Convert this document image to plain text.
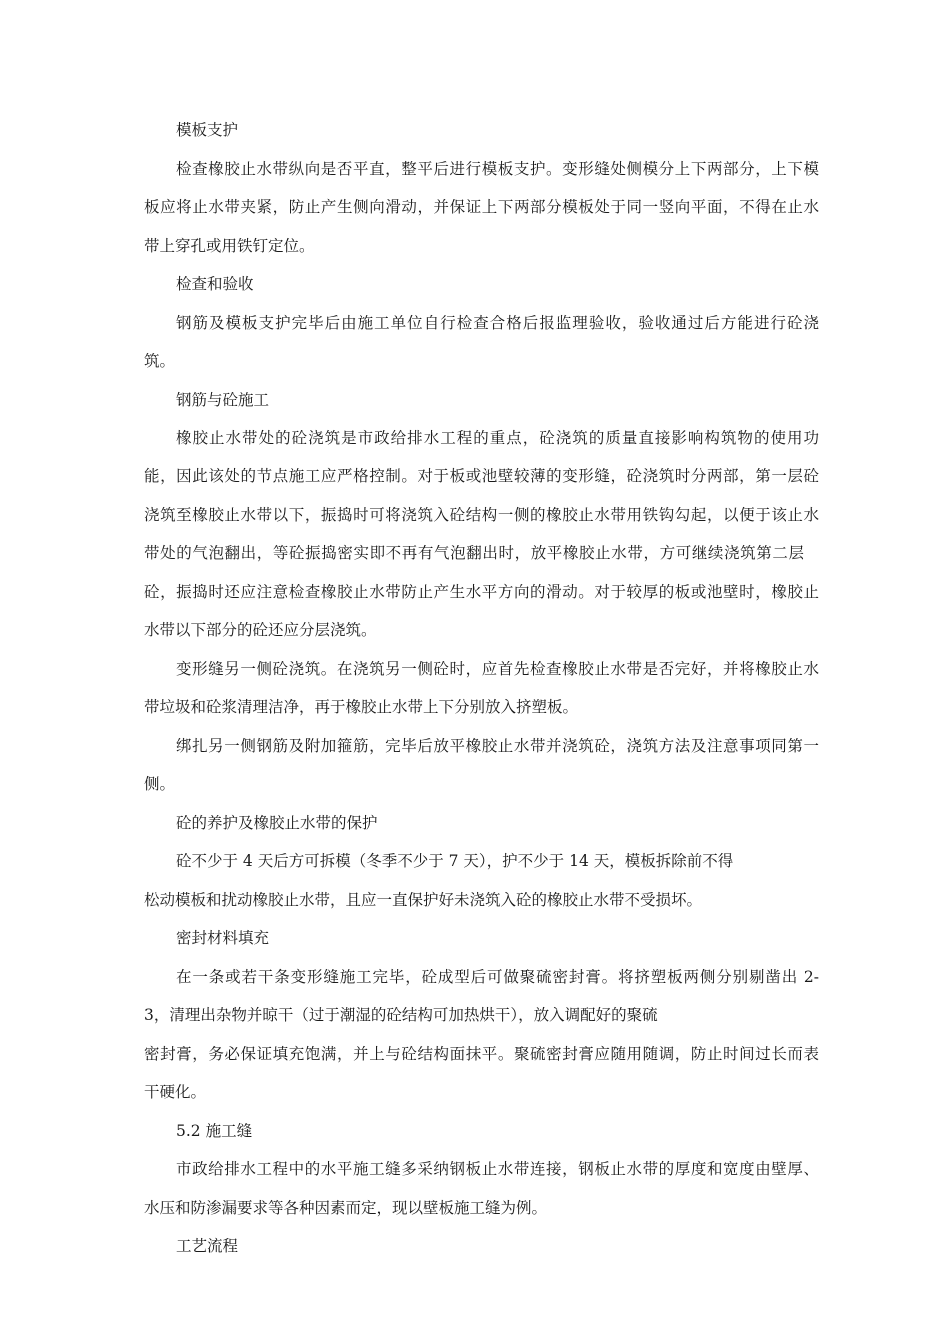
模板支护

检查橡胶止水带纵向是否平直，整平后进行模板支护。变形缝处侧模分上下两部分，上下模

板应将止水带夹紧，防止产生侧向滑动，并保证上下两部分模板处于同一竖向平面，不得在止水

带上穿孔或用铁钉定位。

检查和验收

钢筋及模板支护完毕后由施工单位自行检查合格后报监理验收，验收通过后方能进行砼浇

筑。

钢筋与砼施工

橡胶止水带处的砼浇筑是市政给排水工程的重点，砼浇筑的质量直接影响构筑物的使用功

能，因此该处的节点施工应严格控制。对于板或池壁较薄的变形缝，砼浇筑时分两部，第一层砼

浇筑至橡胶止水带以下，振捣时可将浇筑入砼结构一侧的橡胶止水带用铁钩勾起，以便于该止水

带处的气泡翻出，等砼振捣密实即不再有气泡翻出时，放平橡胶止水带，方可继续浇筑第二层

砼，振捣时还应注意检查橡胶止水带防止产生水平方向的滑动。对于较厚的板或池壁时，橡胶止

水带以下部分的砼还应分层浇筑。

变形缝另一侧砼浇筑。在浇筑另一侧砼时，应首先检查橡胶止水带是否完好，并将橡胶止水

带垃圾和砼浆清理洁净，再于橡胶止水带上下分别放入挤塑板。

绑扎另一侧钢筋及附加箍筋，完毕后放平橡胶止水带并浇筑砼，浇筑方法及注意事项同第一

侧。

砼的养护及橡胶止水带的保护

砼不少于 4 天后方可拆模（冬季不少于 7 天），护不少于 14 天，模板拆除前不得

松动模板和扰动橡胶止水带，且应一直保护好未浇筑入砼的橡胶止水带不受损坏。

密封材料填充

在一条或若干条变形缝施工完毕，砼成型后可做聚硫密封膏。将挤塑板两侧分别剔凿出 2-

3，清理出杂物并晾干（过于潮湿的砼结构可加热烘干），放入调配好的聚硫

密封膏，务必保证填充饱满，并上与砼结构面抹平。聚硫密封膏应随用随调，防止时间过长而表

干硬化。

5.2 施工缝

市政给排水工程中的水平施工缝多采纳钢板止水带连接，钢板止水带的厚度和宽度由壁厚、

水压和防渗漏要求等各种因素而定，现以壁板施工缝为例。

工艺流程
